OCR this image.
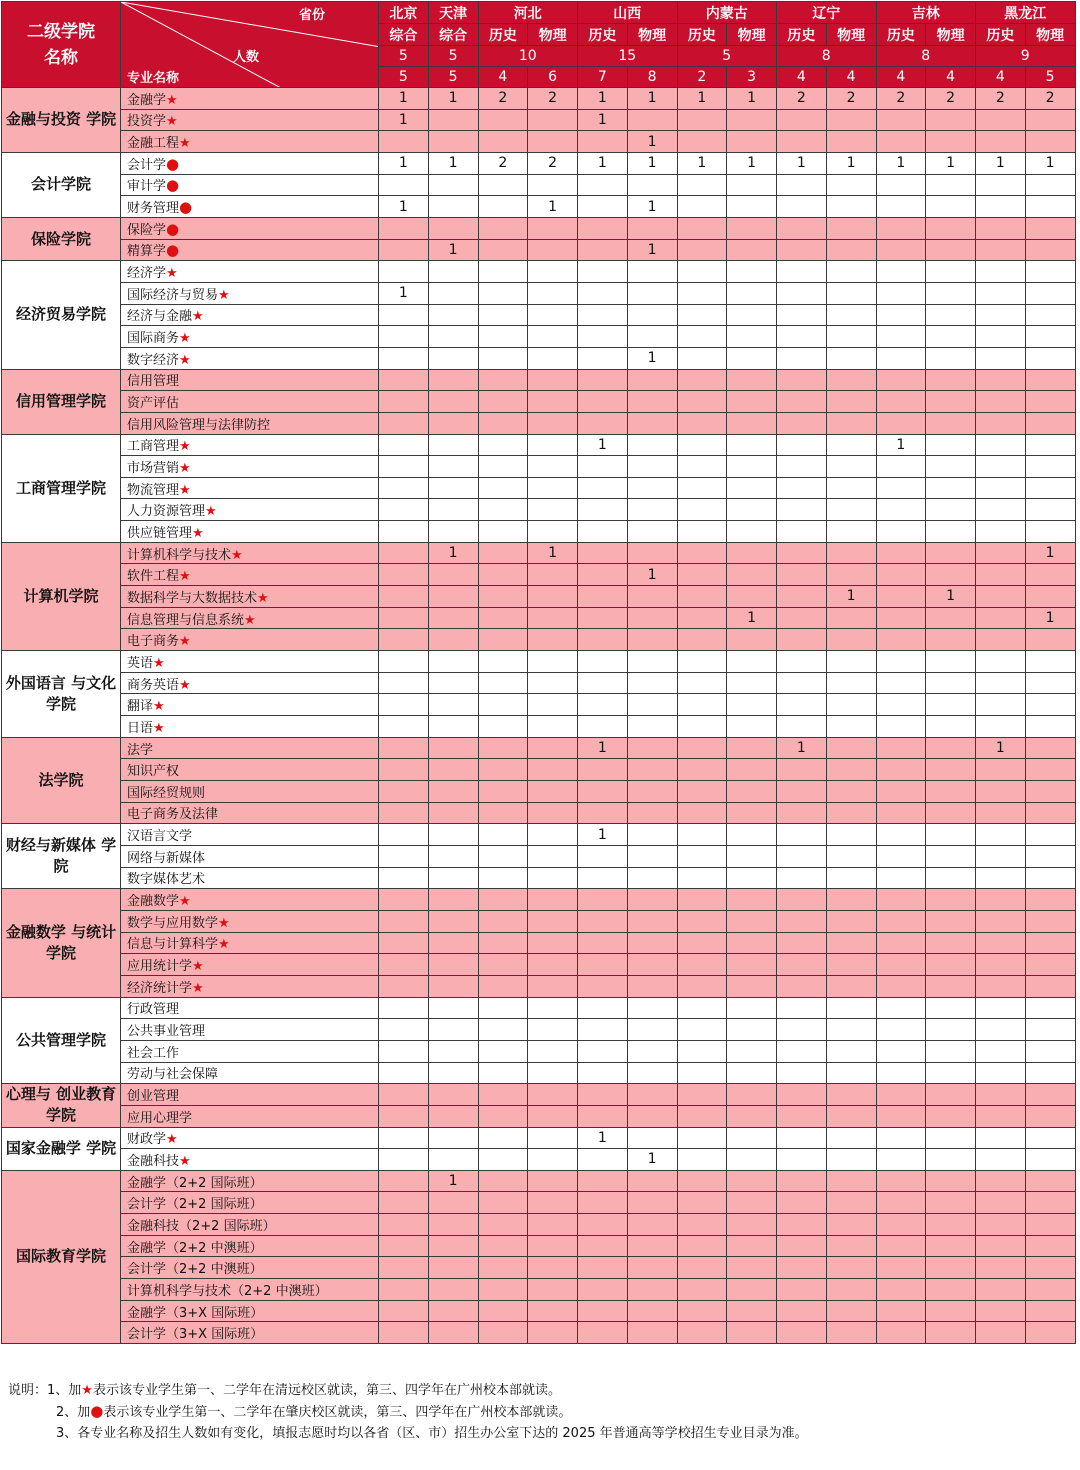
二级学院
名称	省份
人数
专业名称	北京	天津	河北		山西		内蒙古		辽宁		吉林		黑龙江	
		综合	综合	历史	物理	历史	物理	历史	物理	历史	物理	历史	物理	历史	物理
		5	5	10		15		5		8		8		9	
		5	5	4	6	7	8	2	3	4	4	4	4	4	5
金融与投资 学院	金融学★	1	1	2	2	1	1	1	1	2	2	2	2	2	2
	投资学★	1				1									
	金融工程★						1								
会计学院	会计学●	1	1	2	2	1	1	1	1	1	1	1	1	1	1
	审计学●														
	财务管理●	1			1		1								
保险学院	保险学●														
	精算学●		1				1								
经济贸易学院	经济学★														
	国际经济与贸易★	1													
	经济与金融★														
	国际商务★														
	数字经济★						1								
信用管理学院	信用管理														
	资产评估														
	信用风险管理与法律防控														
工商管理学院	工商管理★					1						1			
	市场营销★														
	物流管理★														
	人力资源管理★														
	供应链管理★														
计算机学院	计算机科学与技术★		1		1										1
	软件工程★						1								
	数据科学与大数据技术★										1		1		
	信息管理与信息系统★								1						1
	电子商务★														
外国语言 与文化学院	英语★														
	商务英语★														
	翻译★														
	日语★														
法学院	法学					1				1				1	
	知识产权														
	国际经贸规则														
	电子商务及法律														
财经与新媒体 学院	汉语言文学					1									
	网络与新媒体														
	数字媒体艺术														
金融数学 与统计学院	金融数学★														
	数学与应用数学★														
	信息与计算科学★														
	应用统计学★														
	经济统计学★														
公共管理学院	行政管理														
	公共事业管理														
	社会工作														
	劳动与社会保障														
心理与 创业教育学院	创业管理														
	应用心理学														
国家金融学 学院	财政学★					1									
	金融科技★						1								
国际教育学院	金融学（2+2 国际班）		1												
	会计学（2+2 国际班）														
	金融科技（2+2 国际班）														
	金融学（2+2 中澳班）														
	会计学（2+2 中澳班）														
	计算机科学与技术（2+2 中澳班）														
	金融学（3+X 国际班）														
	会计学（3+X 国际班）														
说明：1、加★表示该专业学生第一、二学年在清远校区就读，第三、四学年在广州校本部就读。
2、加●表示该专业学生第一、二学年在肇庆校区就读，第三、四学年在广州校本部就读。
3、各专业名称及招生人数如有变化，填报志愿时均以各省（区、市）招生办公室下达的 2025 年普通高等学校招生专业目录为准。
